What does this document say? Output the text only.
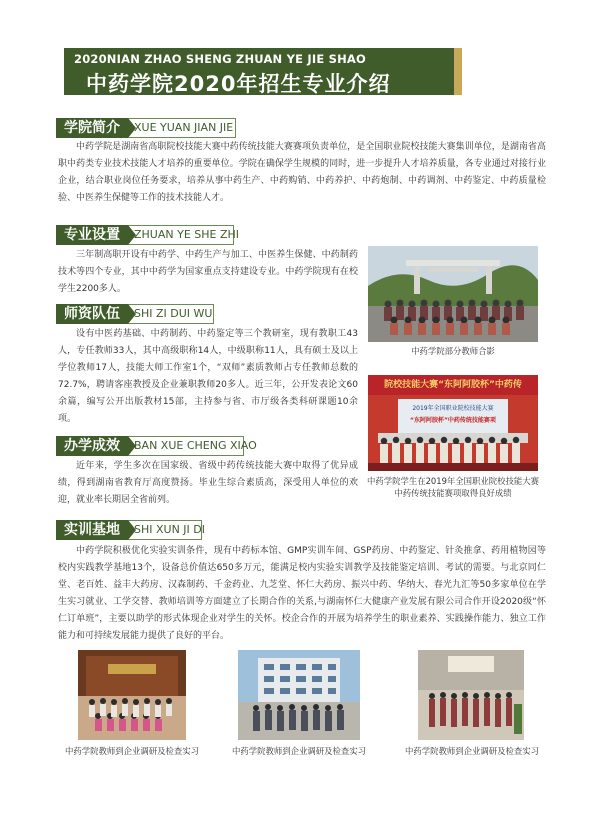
2020NIAN ZHAO SHENG ZHUAN YE JIE SHAO
中药学院2020年招生专业介绍
XUE YUAN JIAN JIE
学院简介
中药学院是湖南省高职院校技能大赛中药传统技能大赛赛项负责单位，是全国职业院校技能大赛集训单位，是湖南省高职中药类专业技术技能人才培养的重要单位。学院在确保学生规模的同时，进一步提升人才培养质量，各专业通过对接行业企业，结合职业岗位任务要求，培养从事中药生产、中药购销、中药养护、中药炮制、中药调剂、中药鉴定、中药质量检验、中医养生保健等工作的技术技能人才。
ZHUAN YE SHE ZHI
专业设置
三年制高职开设有中药学、中药生产与加工、中医养生保健、中药制药技术等四个专业，其中中药学为国家重点支持建设专业。中药学院现有在校学生2200多人。
SHI ZI DUI WU
师资队伍
设有中医药基础、中药制药、中药鉴定等三个教研室，现有教职工43人，专任教师33人，其中高级职称14人，中级职称11人，具有硕士及以上学位教师17人，技能大师工作室1个，“双师”素质教师占专任教师总数的72.7%，聘请客座教授及企业兼职教师20多人。近三年，公开发表论文60余篇，编写公开出版教材15部，主持参与省、市厅级各类科研课题10余项。
BAN XUE CHENG XIAO
办学成效
近年来，学生多次在国家级、省级中药传统技能大赛中取得了优异成绩，得到湖南省教育厅高度赞扬。毕业生综合素质高，深受用人单位的欢迎，就业率长期居全省前列。
SHI XUN JI DI
实训基地
中药学院积极优化实验实训条件，现有中药标本馆、GMP实训车间、GSP药房、中药鉴定、针灸推拿、药用植物园等校内实践教学基地13个，设备总价值达650多万元，能满足校内实验实训教学及技能鉴定培训、考试的需要。与北京同仁堂、老百姓、益丰大药房、汉森制药、千金药业、九芝堂、怀仁大药房、振兴中药、华纳大、春光九汇等50多家单位在学生实习就业、工学交替、教师培训等方面建立了长期合作的关系,与湖南怀仁大健康产业发展有限公司合作开设2020级“怀仁订单班”，主要以助学的形式体现企业对学生的关怀。校企合作的开展为培养学生的职业素养、实践操作能力、独立工作能力和可持续发展能力提供了良好的平台。
中药学院部分教师合影
院校技能大赛“东阿阿胶杯”中药传
2019年全国职业院校技能大赛
“东阿阿胶杯”中药传统技能赛项
中药学院学生在2019年全国职业院校技能大赛中药传统技能赛项取得良好成绩
中药学院教师到企业调研及检查实习	中药学院教师到企业调研及检查实习	中药学院教师到企业调研及检查实习
